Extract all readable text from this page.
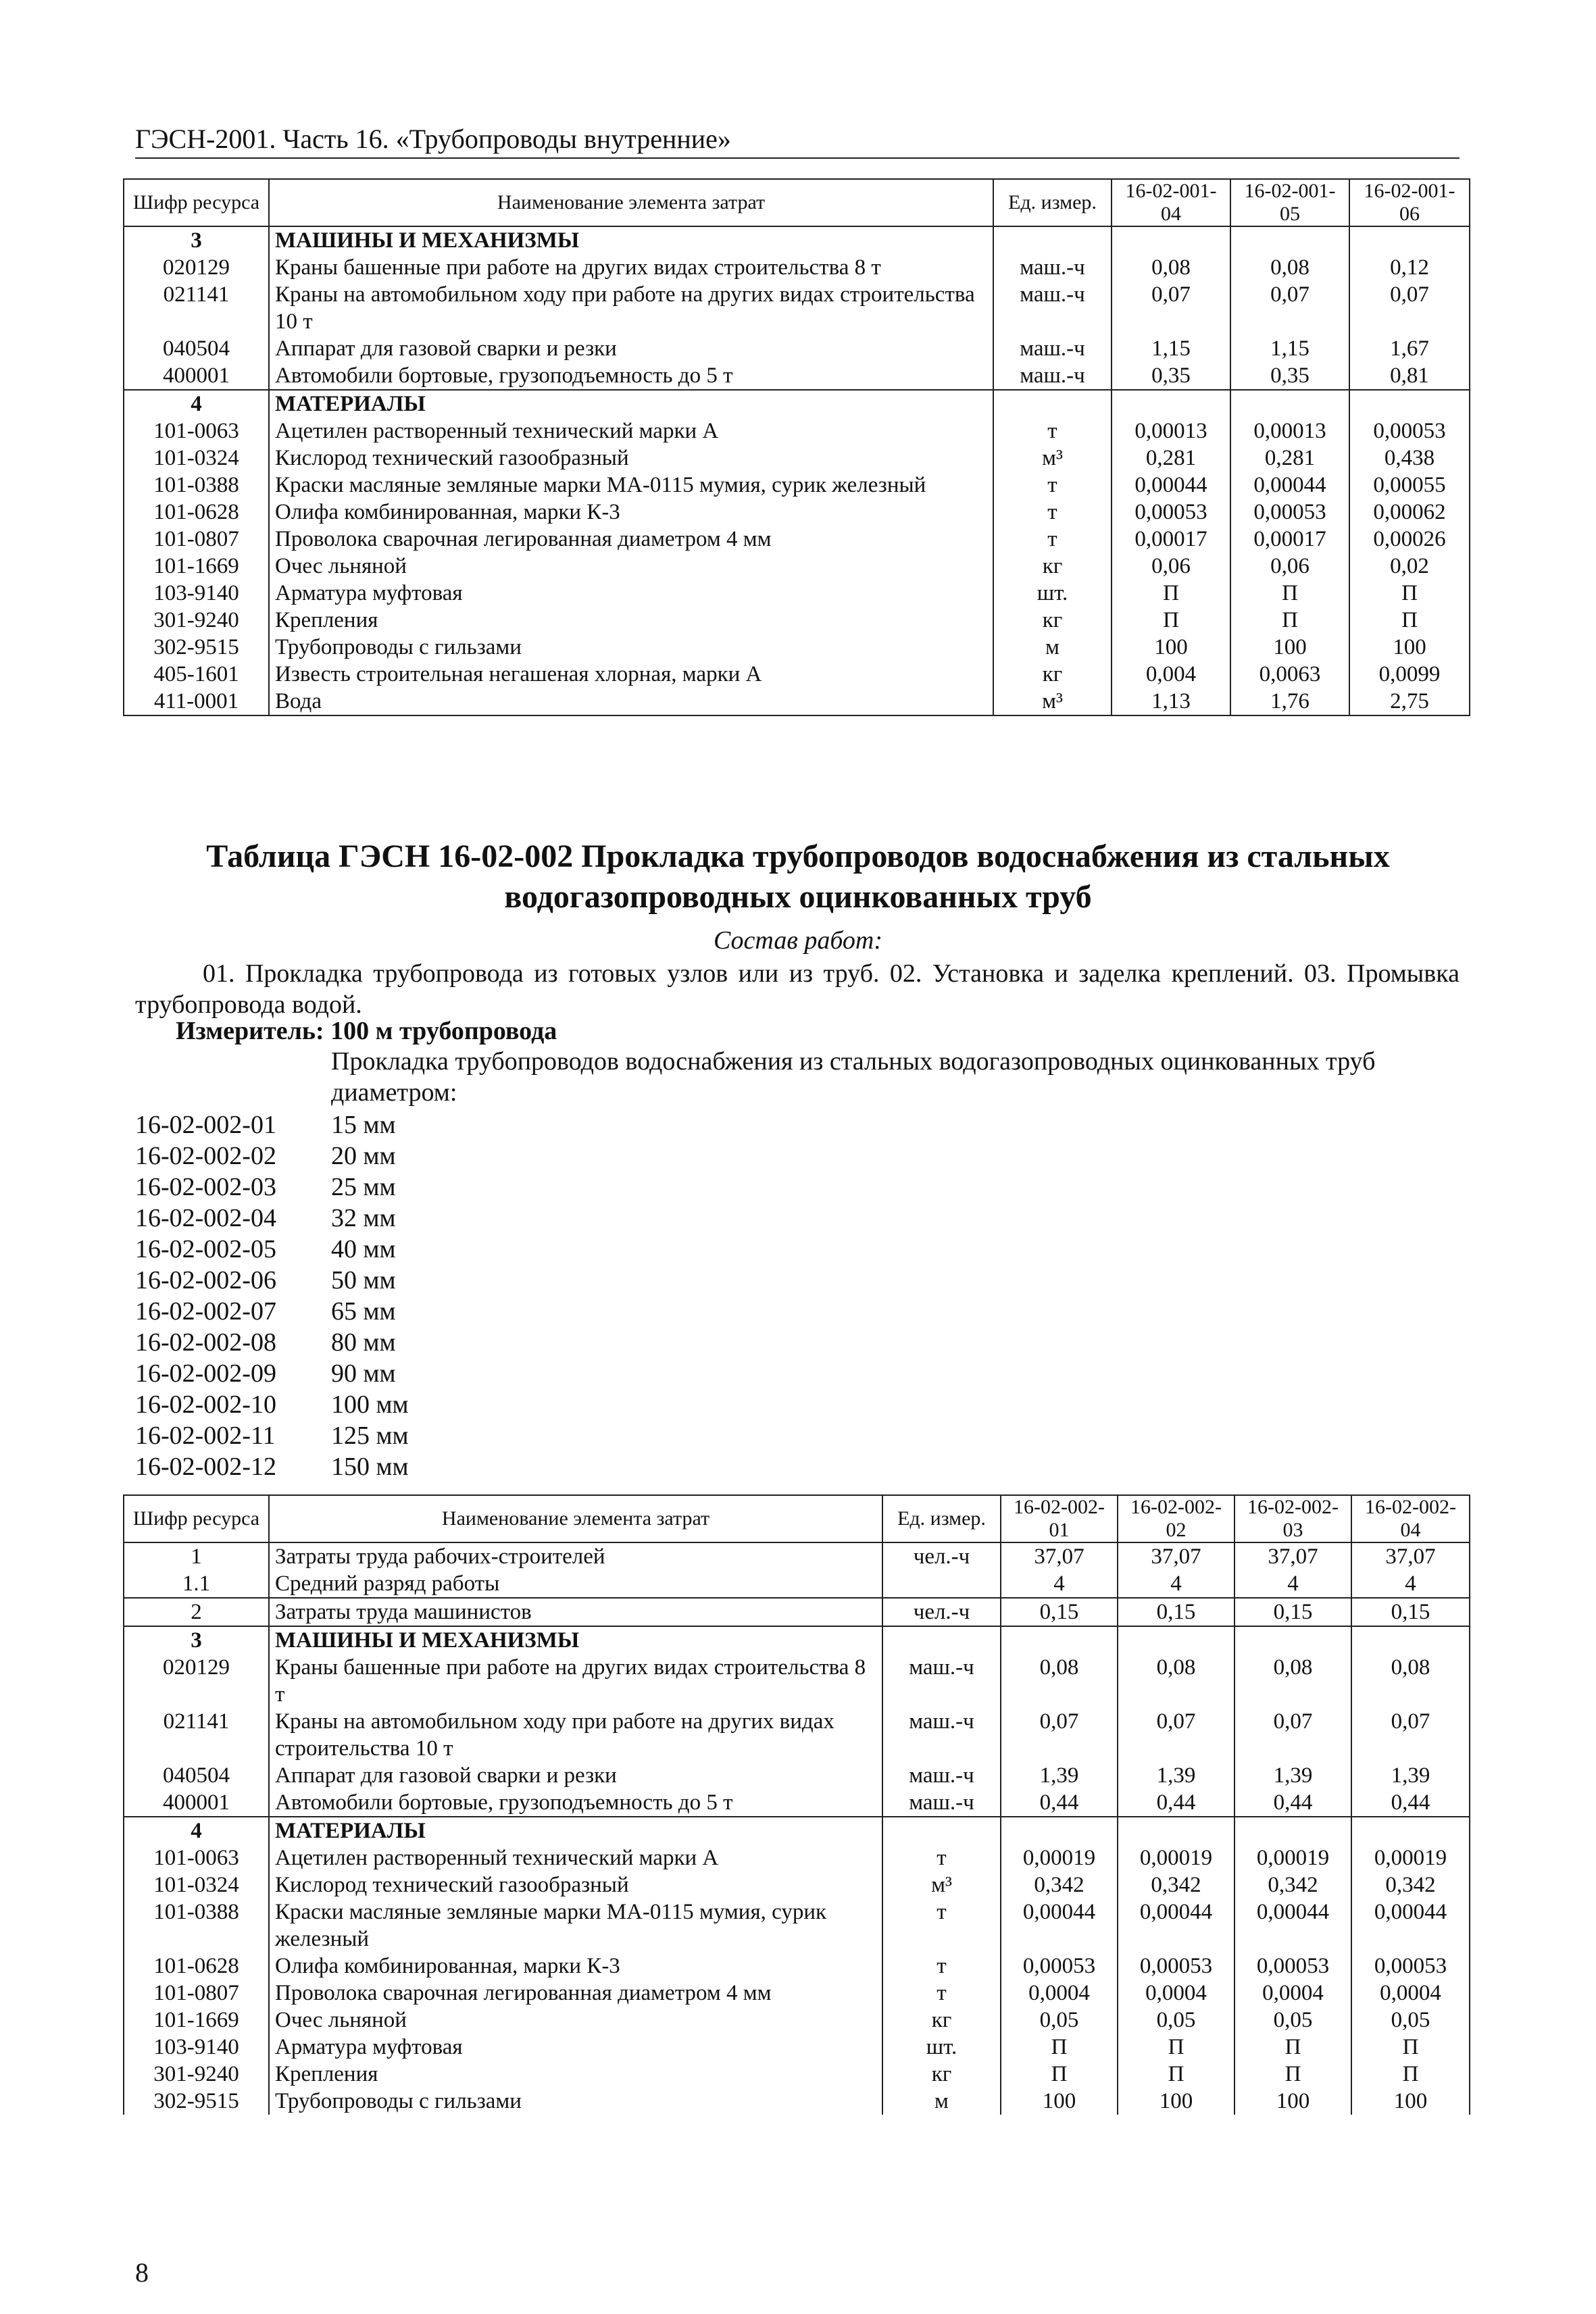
ГЭСН-2001. Часть 16. «Трубопроводы внутренние»
Шифр ресурса	Наименование элемента затрат	Ед. измер.	16-02-001-04	16-02-001-05	16-02-001-06
3	МАШИНЫ И МЕХАНИЗМЫ				
020129	Краны башенные при работе на других видах строительства 8 т	маш.-ч	0,08	0,08	0,12
021141	Краны на автомобильном ходу при работе на других видах строительства 10 т	маш.-ч	0,07	0,07	0,07
040504	Аппарат для газовой сварки и резки	маш.-ч	1,15	1,15	1,67
400001	Автомобили бортовые, грузоподъемность до 5 т	маш.-ч	0,35	0,35	0,81
4	МАТЕРИАЛЫ				
101-0063	Ацетилен растворенный технический марки А	т	0,00013	0,00013	0,00053
101-0324	Кислород технический газообразный	м³	0,281	0,281	0,438
101-0388	Краски масляные земляные марки МА-0115 мумия, сурик железный	т	0,00044	0,00044	0,00055
101-0628	Олифа комбинированная, марки К-3	т	0,00053	0,00053	0,00062
101-0807	Проволока сварочная легированная диаметром 4 мм	т	0,00017	0,00017	0,00026
101-1669	Очес льняной	кг	0,06	0,06	0,02
103-9140	Арматура муфтовая	шт.	П	П	П
301-9240	Крепления	кг	П	П	П
302-9515	Трубопроводы с гильзами	м	100	100	100
405-1601	Известь строительная негашеная хлорная, марки А	кг	0,004	0,0063	0,0099
411-0001	Вода	м³	1,13	1,76	2,75
Таблица ГЭСН 16-02-002 Прокладка трубопроводов водоснабжения из стальных водогазопроводных оцинкованных труб
Состав работ:
01. Прокладка трубопровода из готовых узлов или из труб. 02. Установка и заделка креплений. 03. Промывка трубопровода водой.
Измеритель: 100 м трубопровода
Прокладка трубопроводов водоснабжения из стальных водогазопроводных оцинкованных труб диаметром:
16-02-002-01	15 мм
16-02-002-02	20 мм
16-02-002-03	25 мм
16-02-002-04	32 мм
16-02-002-05	40 мм
16-02-002-06	50 мм
16-02-002-07	65 мм
16-02-002-08	80 мм
16-02-002-09	90 мм
16-02-002-10	100 мм
16-02-002-11	125 мм
16-02-002-12	150 мм
Шифр ресурса	Наименование элемента затрат	Ед. измер.	16-02-002-01	16-02-002-02	16-02-002-03	16-02-002-04
1	Затраты труда рабочих-строителей	чел.-ч	37,07	37,07	37,07	37,07
1.1	Средний разряд работы		4	4	4	4
2	Затраты труда машинистов	чел.-ч	0,15	0,15	0,15	0,15
3	МАШИНЫ И МЕХАНИЗМЫ					
020129	Краны башенные при работе на других видах строительства 8 т	маш.-ч	0,08	0,08	0,08	0,08
021141	Краны на автомобильном ходу при работе на других видах строительства 10 т	маш.-ч	0,07	0,07	0,07	0,07
040504	Аппарат для газовой сварки и резки	маш.-ч	1,39	1,39	1,39	1,39
400001	Автомобили бортовые, грузоподъемность до 5 т	маш.-ч	0,44	0,44	0,44	0,44
4	МАТЕРИАЛЫ					
101-0063	Ацетилен растворенный технический марки А	т	0,00019	0,00019	0,00019	0,00019
101-0324	Кислород технический газообразный	м³	0,342	0,342	0,342	0,342
101-0388	Краски масляные земляные марки МА-0115 мумия, сурик железный	т	0,00044	0,00044	0,00044	0,00044
101-0628	Олифа комбинированная, марки К-3	т	0,00053	0,00053	0,00053	0,00053
101-0807	Проволока сварочная легированная диаметром 4 мм	т	0,0004	0,0004	0,0004	0,0004
101-1669	Очес льняной	кг	0,05	0,05	0,05	0,05
103-9140	Арматура муфтовая	шт.	П	П	П	П
301-9240	Крепления	кг	П	П	П	П
302-9515	Трубопроводы с гильзами	м	100	100	100	100
8
